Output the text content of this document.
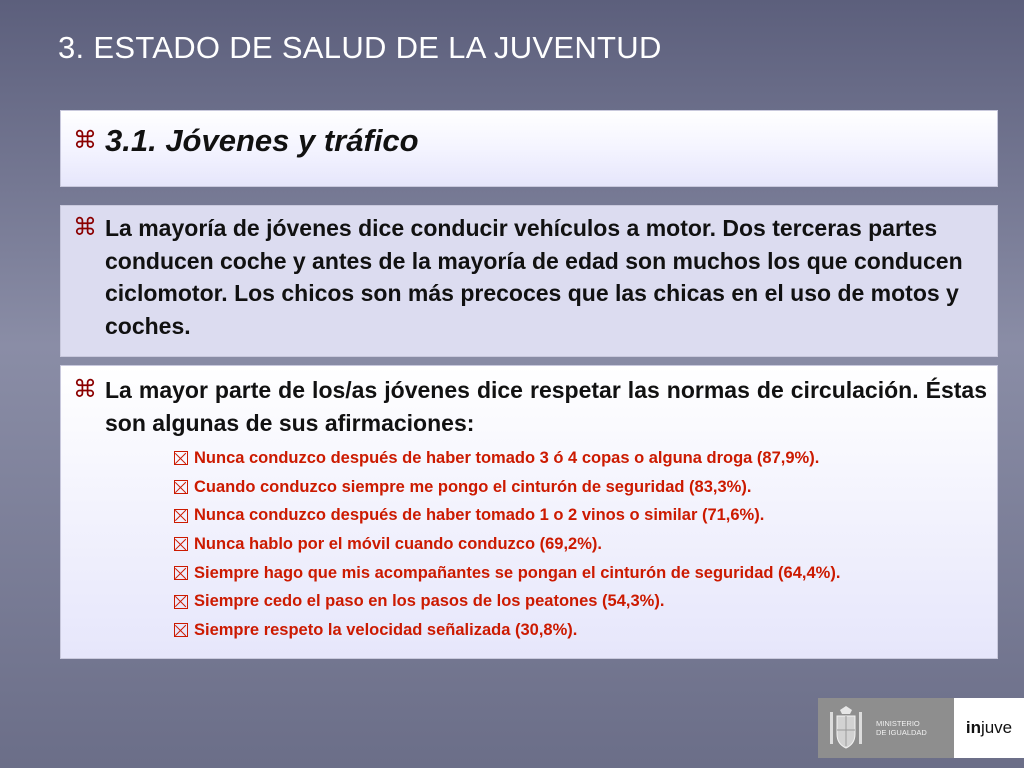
3. ESTADO DE SALUD DE LA JUVENTUD
⌘ 3.1. Jóvenes y tráfico
⌘ La mayoría de jóvenes dice conducir vehículos a motor. Dos terceras partes conducen coche y antes de la mayoría de edad son muchos los que conducen ciclomotor. Los chicos son más precoces que las chicas en el uso de motos y coches.
⌘ La mayor parte de los/as jóvenes dice respetar las normas de circulación. Éstas son algunas de sus afirmaciones:
Nunca conduzco después de haber tomado 3 ó 4 copas o alguna droga (87,9%).
Cuando conduzco siempre me pongo el cinturón de seguridad (83,3%).
Nunca conduzco después de haber tomado 1 o 2 vinos o similar (71,6%).
Nunca hablo por el móvil cuando conduzco (69,2%).
Siempre hago que mis acompañantes se pongan el cinturón de seguridad (64,4%).
Siempre cedo el paso en los pasos de los peatones (54,3%).
Siempre respeto la velocidad señalizada (30,8%).
MINISTERIO
DE IGUALDAD in juve
